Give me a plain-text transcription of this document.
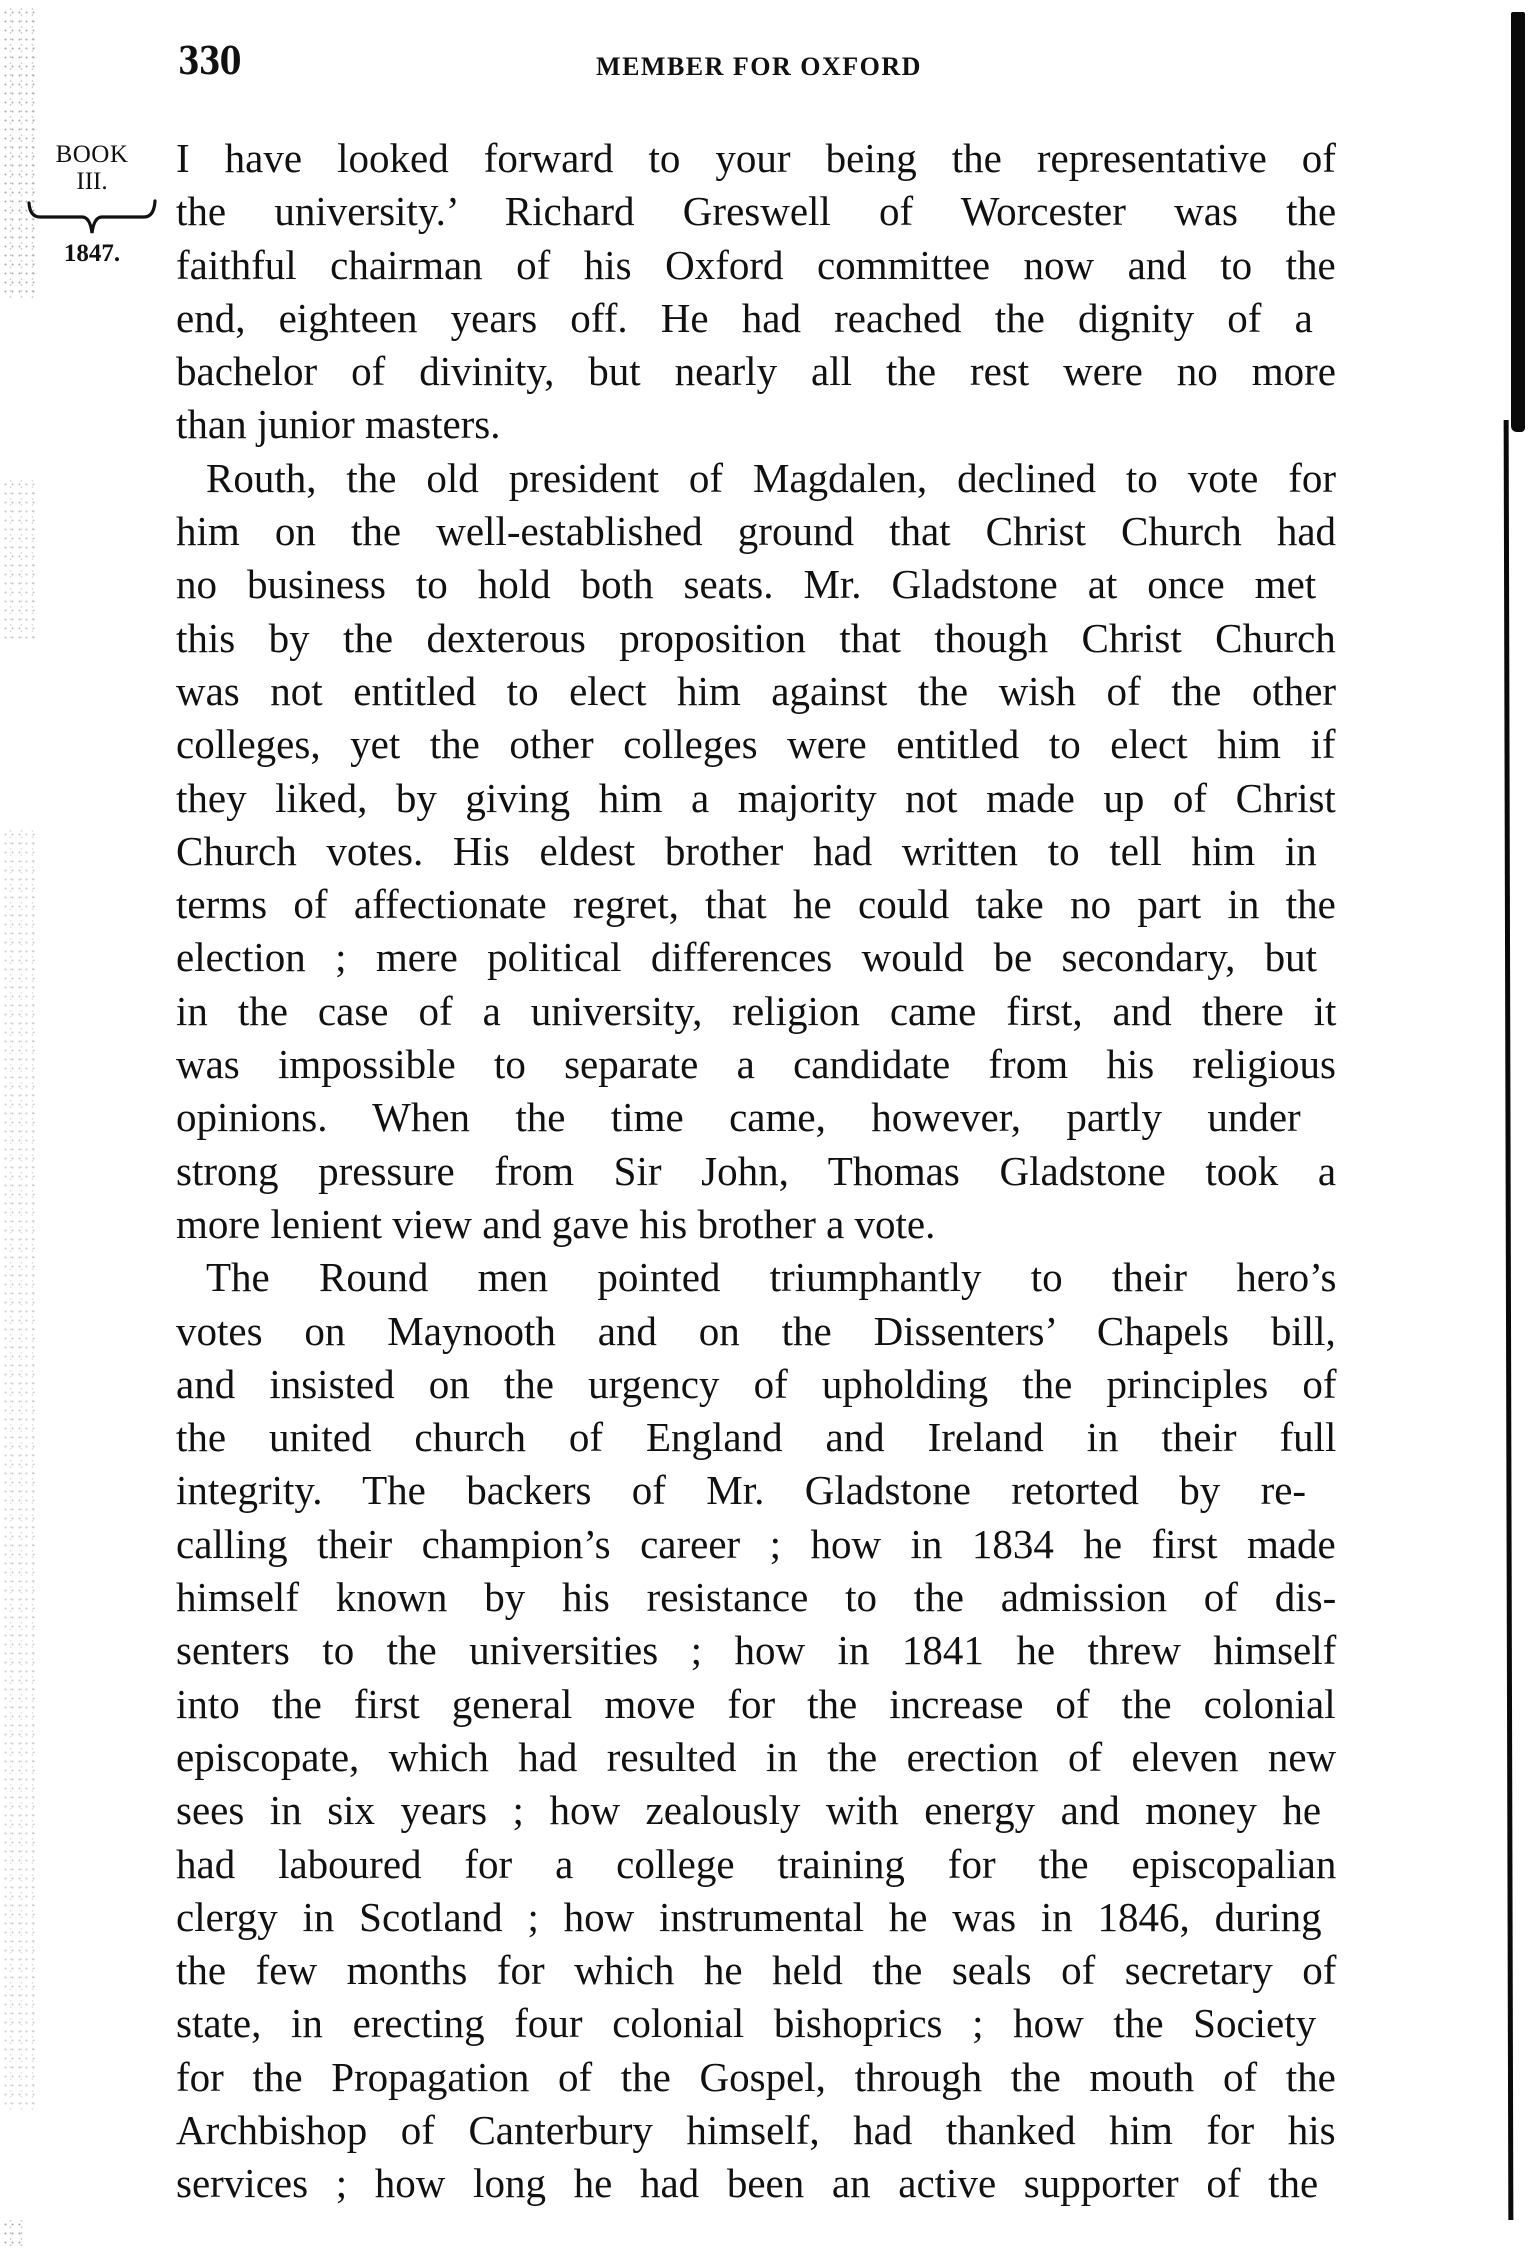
330	MEMBER FOR OXFORD
BOOK
III.
1847.
I have looked forward to your being the representative of
the university.’ Richard Greswell of Worcester was the
faithful chairman of his Oxford committee now and to the
end, eighteen years off. He had reached the dignity of a
bachelor of divinity, but nearly all the rest were no more
than junior masters.
Routh, the old president of Magdalen, declined to vote for
him on the well-established ground that Christ Church had
no business to hold both seats. Mr. Gladstone at once met
this by the dexterous proposition that though Christ Church
was not entitled to elect him against the wish of the other
colleges, yet the other colleges were entitled to elect him if
they liked, by giving him a majority not made up of Christ
Church votes. His eldest brother had written to tell him in
terms of affectionate regret, that he could take no part in the
election ; mere political differences would be secondary, but
in the case of a university, religion came first, and there it
was impossible to separate a candidate from his religious
opinions. When the time came, however, partly under
strong pressure from Sir John, Thomas Gladstone took a
more lenient view and gave his brother a vote.
The Round men pointed triumphantly to their hero’s
votes on Maynooth and on the Dissenters’ Chapels bill,
and insisted on the urgency of upholding the principles of
the united church of England and Ireland in their full
integrity. The backers of Mr. Gladstone retorted by re-
calling their champion’s career ; how in 1834 he first made
himself known by his resistance to the admission of dis-
senters to the universities ; how in 1841 he threw himself
into the first general move for the increase of the colonial
episcopate, which had resulted in the erection of eleven new
sees in six years ; how zealously with energy and money he
had laboured for a college training for the episcopalian
clergy in Scotland ; how instrumental he was in 1846, during
the few months for which he held the seals of secretary of
state, in erecting four colonial bishoprics ; how the Society
for the Propagation of the Gospel, through the mouth of the
Archbishop of Canterbury himself, had thanked him for his
services ; how long he had been an active supporter of the
